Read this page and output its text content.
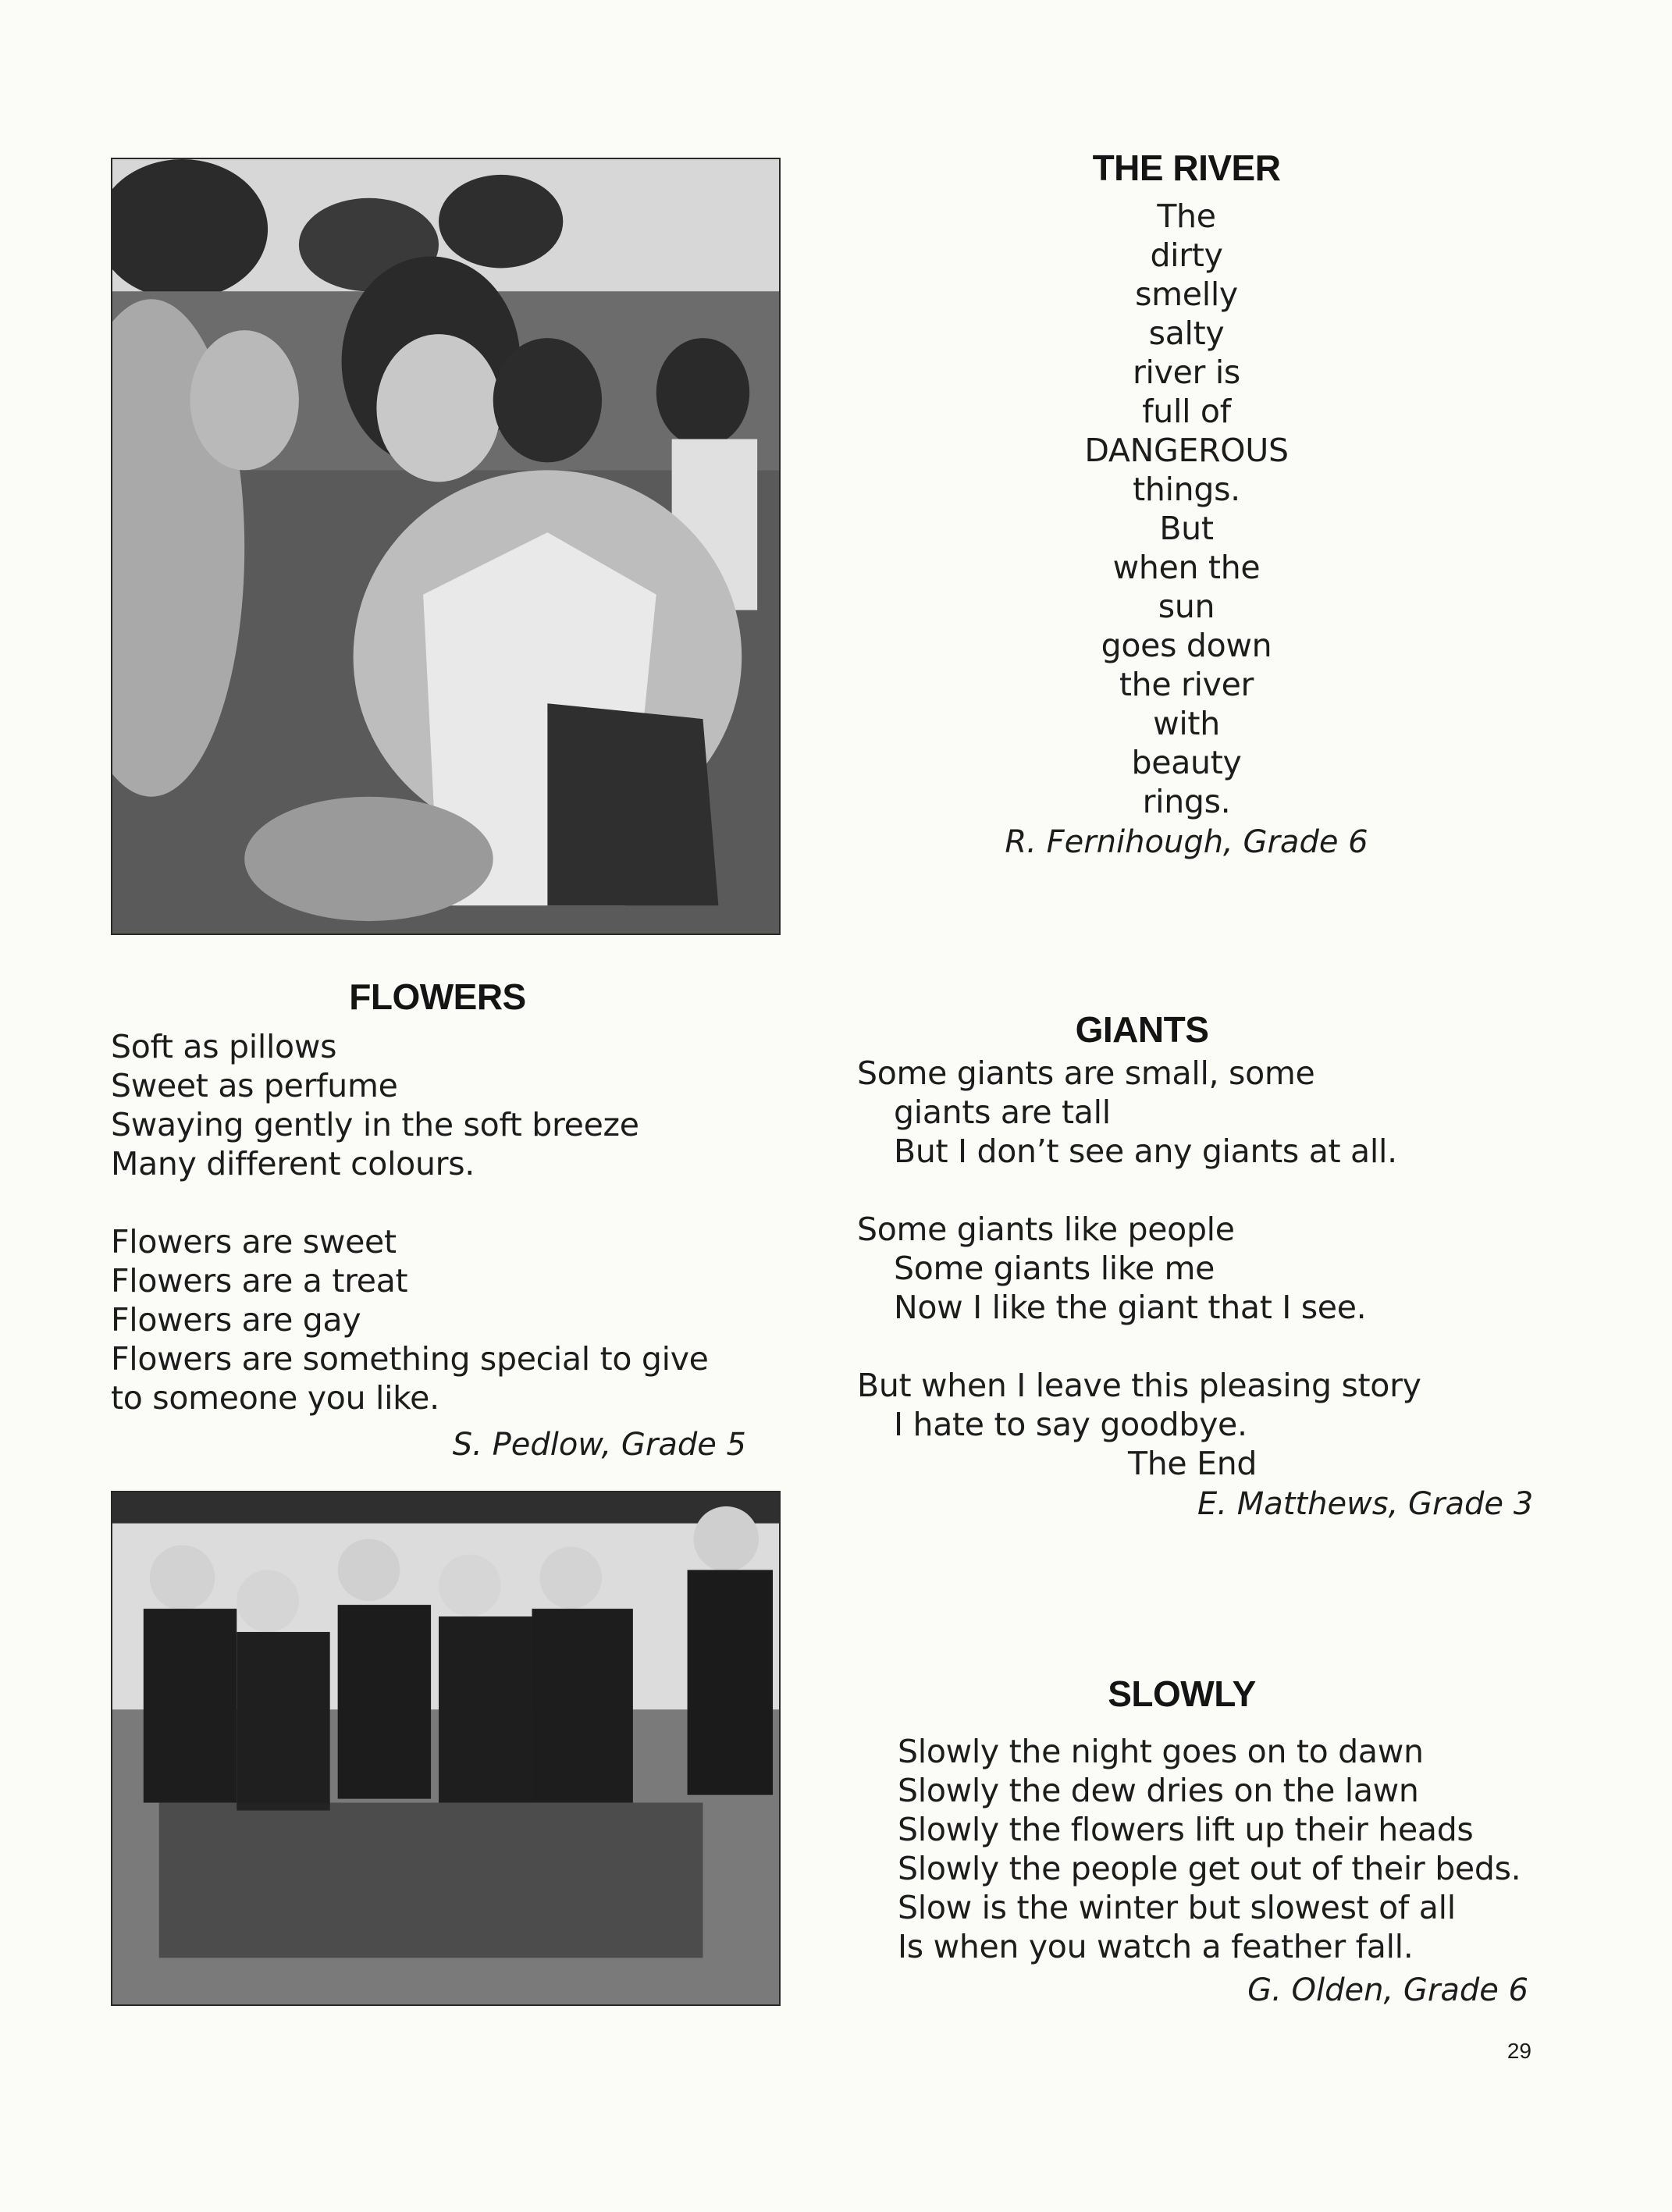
THE RIVER
The
dirty
smelly
salty
river is
full of
DANGEROUS
things.
But
when the
sun
goes down
the river
with
beauty
rings.
R. Fernihough, Grade 6
FLOWERS
Soft as pillows
Sweet as perfume
Swaying gently in the soft breeze
Many different colours.
Flowers are sweet
Flowers are a treat
Flowers are gay
Flowers are something special to give
to someone you like.
S. Pedlow, Grade 5
GIANTS
Some giants are small, some
giants are tall
But I don’t see any giants at all.
Some giants like people
Some giants like me
Now I like the giant that I see.
But when I leave this pleasing story
I hate to say goodbye.
The End
E. Matthews, Grade 3
SLOWLY
Slowly the night goes on to dawn
Slowly the dew dries on the lawn
Slowly the flowers lift up their heads
Slowly the people get out of their beds.
Slow is the winter but slowest of all
Is when you watch a feather fall.
G. Olden, Grade 6
29
